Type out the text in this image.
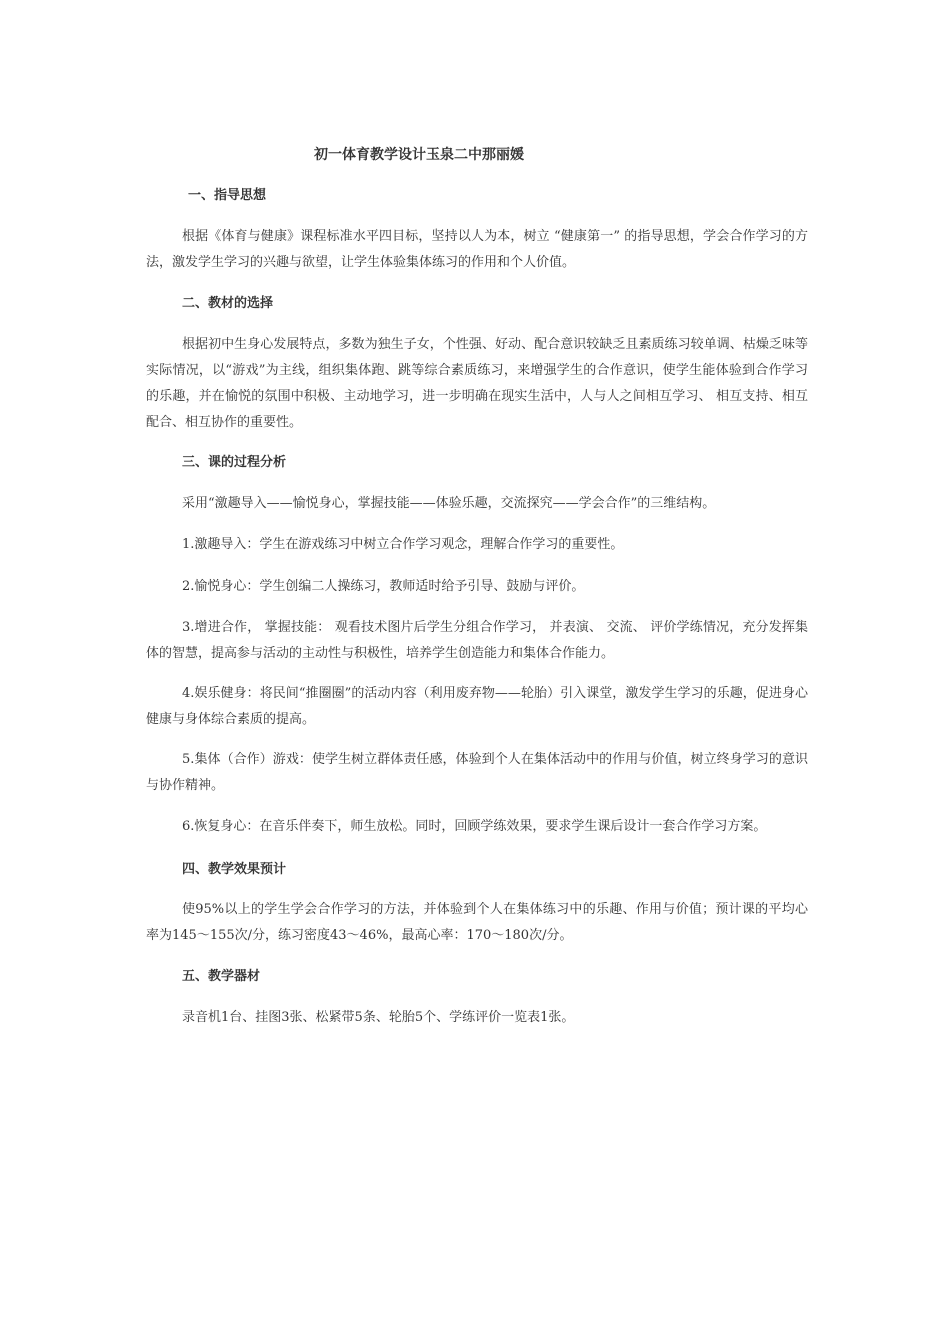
初一体育教学设计玉泉二中那丽媛
一、指导思想
根据《体育与健康》课程标准水平四目标，坚持以人为本，树立 “健康第一” 的指导思想，学会合作学习的方法，激发学生学习的兴趣与欲望，让学生体验集体练习的作用和个人价值。
二、教材的选择
根据初中生身心发展特点，多数为独生子女，个性强、好动、配合意识较缺乏且素质练习较单调、枯燥乏味等实际情况，以“游戏”为主线，组织集体跑、跳等综合素质练习，来增强学生的合作意识，使学生能体验到合作学习的乐趣，并在愉悦的氛围中积极、主动地学习，进一步明确在现实生活中，人与人之间相互学习、 相互支持、相互配合、相互协作的重要性。
三、课的过程分析
采用“激趣导入——愉悦身心，掌握技能——体验乐趣，交流探究——学会合作”的三维结构。
1.激趣导入：学生在游戏练习中树立合作学习观念，理解合作学习的重要性。
2.愉悦身心：学生创编二人操练习，教师适时给予引导、鼓励与评价。
3.增进合作， 掌握技能： 观看技术图片后学生分组合作学习， 并表演、 交流、 评价学练情况，充分发挥集体的智慧，提高参与活动的主动性与积极性，培养学生创造能力和集体合作能力。
4.娱乐健身：将民间“推圈圈”的活动内容（利用废弃物——轮胎）引入课堂，激发学生学习的乐趣，促进身心健康与身体综合素质的提高。
5.集体（合作）游戏：使学生树立群体责任感，体验到个人在集体活动中的作用与价值，树立终身学习的意识与协作精神。
6.恢复身心：在音乐伴奏下，师生放松。同时，回顾学练效果，要求学生课后设计一套合作学习方案。
四、教学效果预计
使95%以上的学生学会合作学习的方法，并体验到个人在集体练习中的乐趣、作用与价值；预计课的平均心率为145～155次/分，练习密度43～46%，最高心率：170～180次/分。
五、教学器材
录音机1台、挂图3张、松紧带5条、轮胎5个、学练评价一览表1张。
